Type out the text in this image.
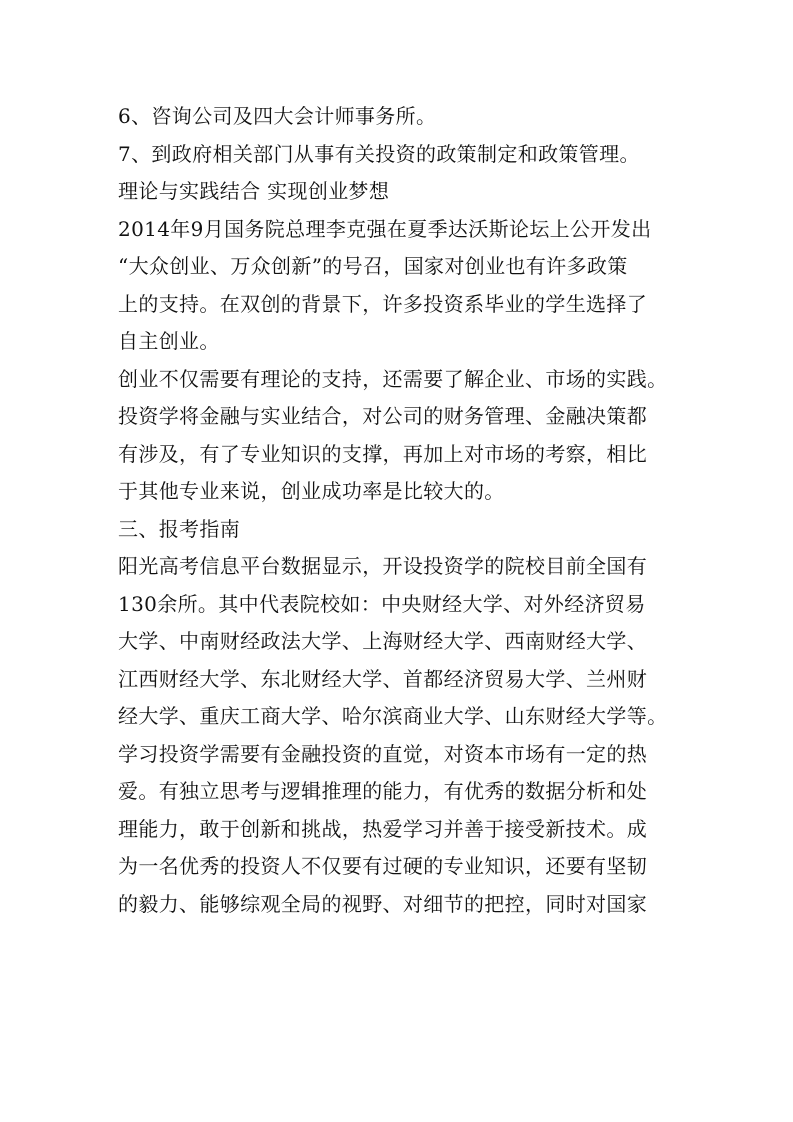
6、咨询公司及四大会计师事务所。
7、到政府相关部门从事有关投资的政策制定和政策管理。
理论与实践结合 实现创业梦想
2014年9月国务院总理李克强在夏季达沃斯论坛上公开发出
“大众创业、万众创新”的号召，国家对创业也有许多政策
上的支持。在双创的背景下，许多投资系毕业的学生选择了
自主创业。
创业不仅需要有理论的支持，还需要了解企业、市场的实践。
投资学将金融与实业结合，对公司的财务管理、金融决策都
有涉及，有了专业知识的支撑，再加上对市场的考察，相比
于其他专业来说，创业成功率是比较大的。
三、报考指南
阳光高考信息平台数据显示，开设投资学的院校目前全国有
130余所。其中代表院校如：中央财经大学、对外经济贸易
大学、中南财经政法大学、上海财经大学、西南财经大学、
江西财经大学、东北财经大学、首都经济贸易大学、兰州财
经大学、重庆工商大学、哈尔滨商业大学、山东财经大学等。
学习投资学需要有金融投资的直觉，对资本市场有一定的热
爱。有独立思考与逻辑推理的能力，有优秀的数据分析和处
理能力，敢于创新和挑战，热爱学习并善于接受新技术。成
为一名优秀的投资人不仅要有过硬的专业知识，还要有坚韧
的毅力、能够综观全局的视野、对细节的把控，同时对国家
